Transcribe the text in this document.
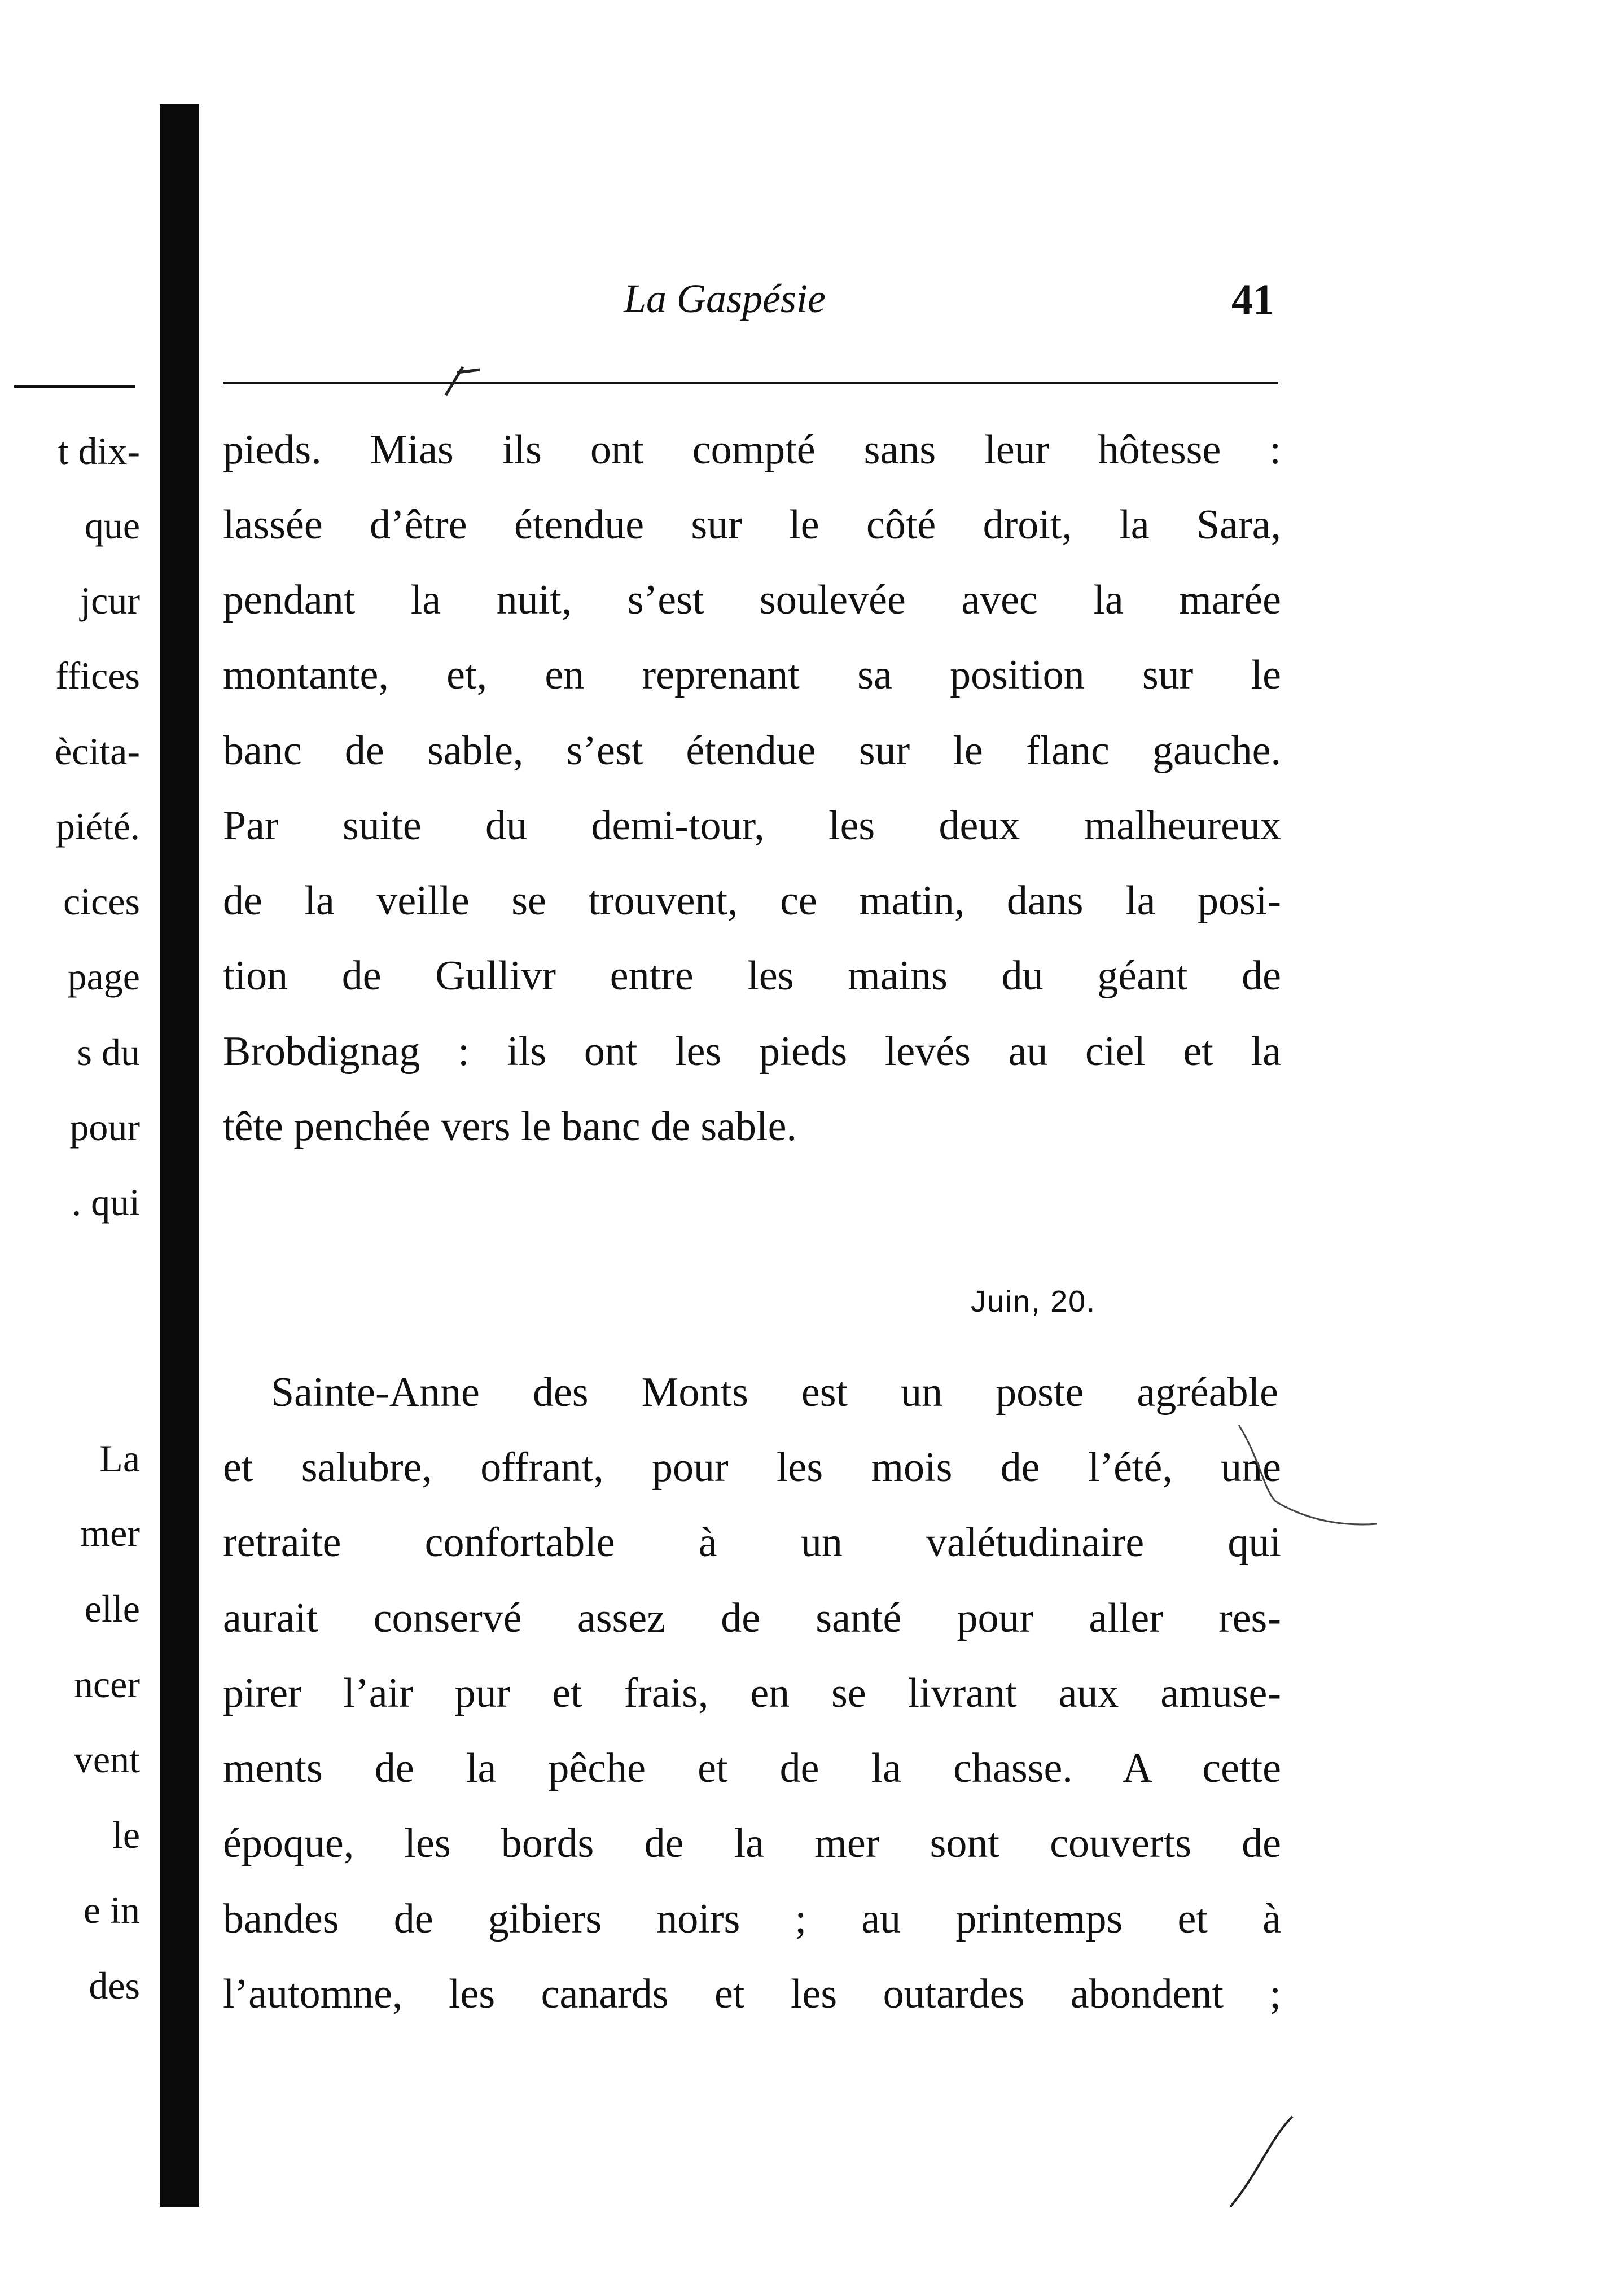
t dix-
que
jcur
ffices
ècita-
piété.
cices
page
s du
pour
. qui
La
mer
elle
ncer
vent
le
e in
des
La Gaspésie	41
pieds. Mias ils ont compté sans leur hôtesse :
lassée d’être étendue sur le côté droit, la Sara,
pendant la nuit, s’est soulevée avec la marée
montante, et, en reprenant sa position sur le
banc de sable, s’est étendue sur le flanc gauche.
Par suite du demi-tour, les deux malheureux
de la veille se trouvent, ce matin, dans la posi-
tion de Gullivr entre les mains du géant de
Brobdignag : ils ont les pieds levés au ciel et la
tête penchée vers le banc de sable.
Juin, 20.
Sainte-Anne des Monts est un poste agréable
et salubre, offrant, pour les mois de l’été, une
retraite confortable à un valétudinaire qui
aurait conservé assez de santé pour aller res-
pirer l’air pur et frais, en se livrant aux amuse-
ments de la pêche et de la chasse. A cette
époque, les bords de la mer sont couverts de
bandes de gibiers noirs ; au printemps et à
l’automne, les canards et les outardes abondent ;
